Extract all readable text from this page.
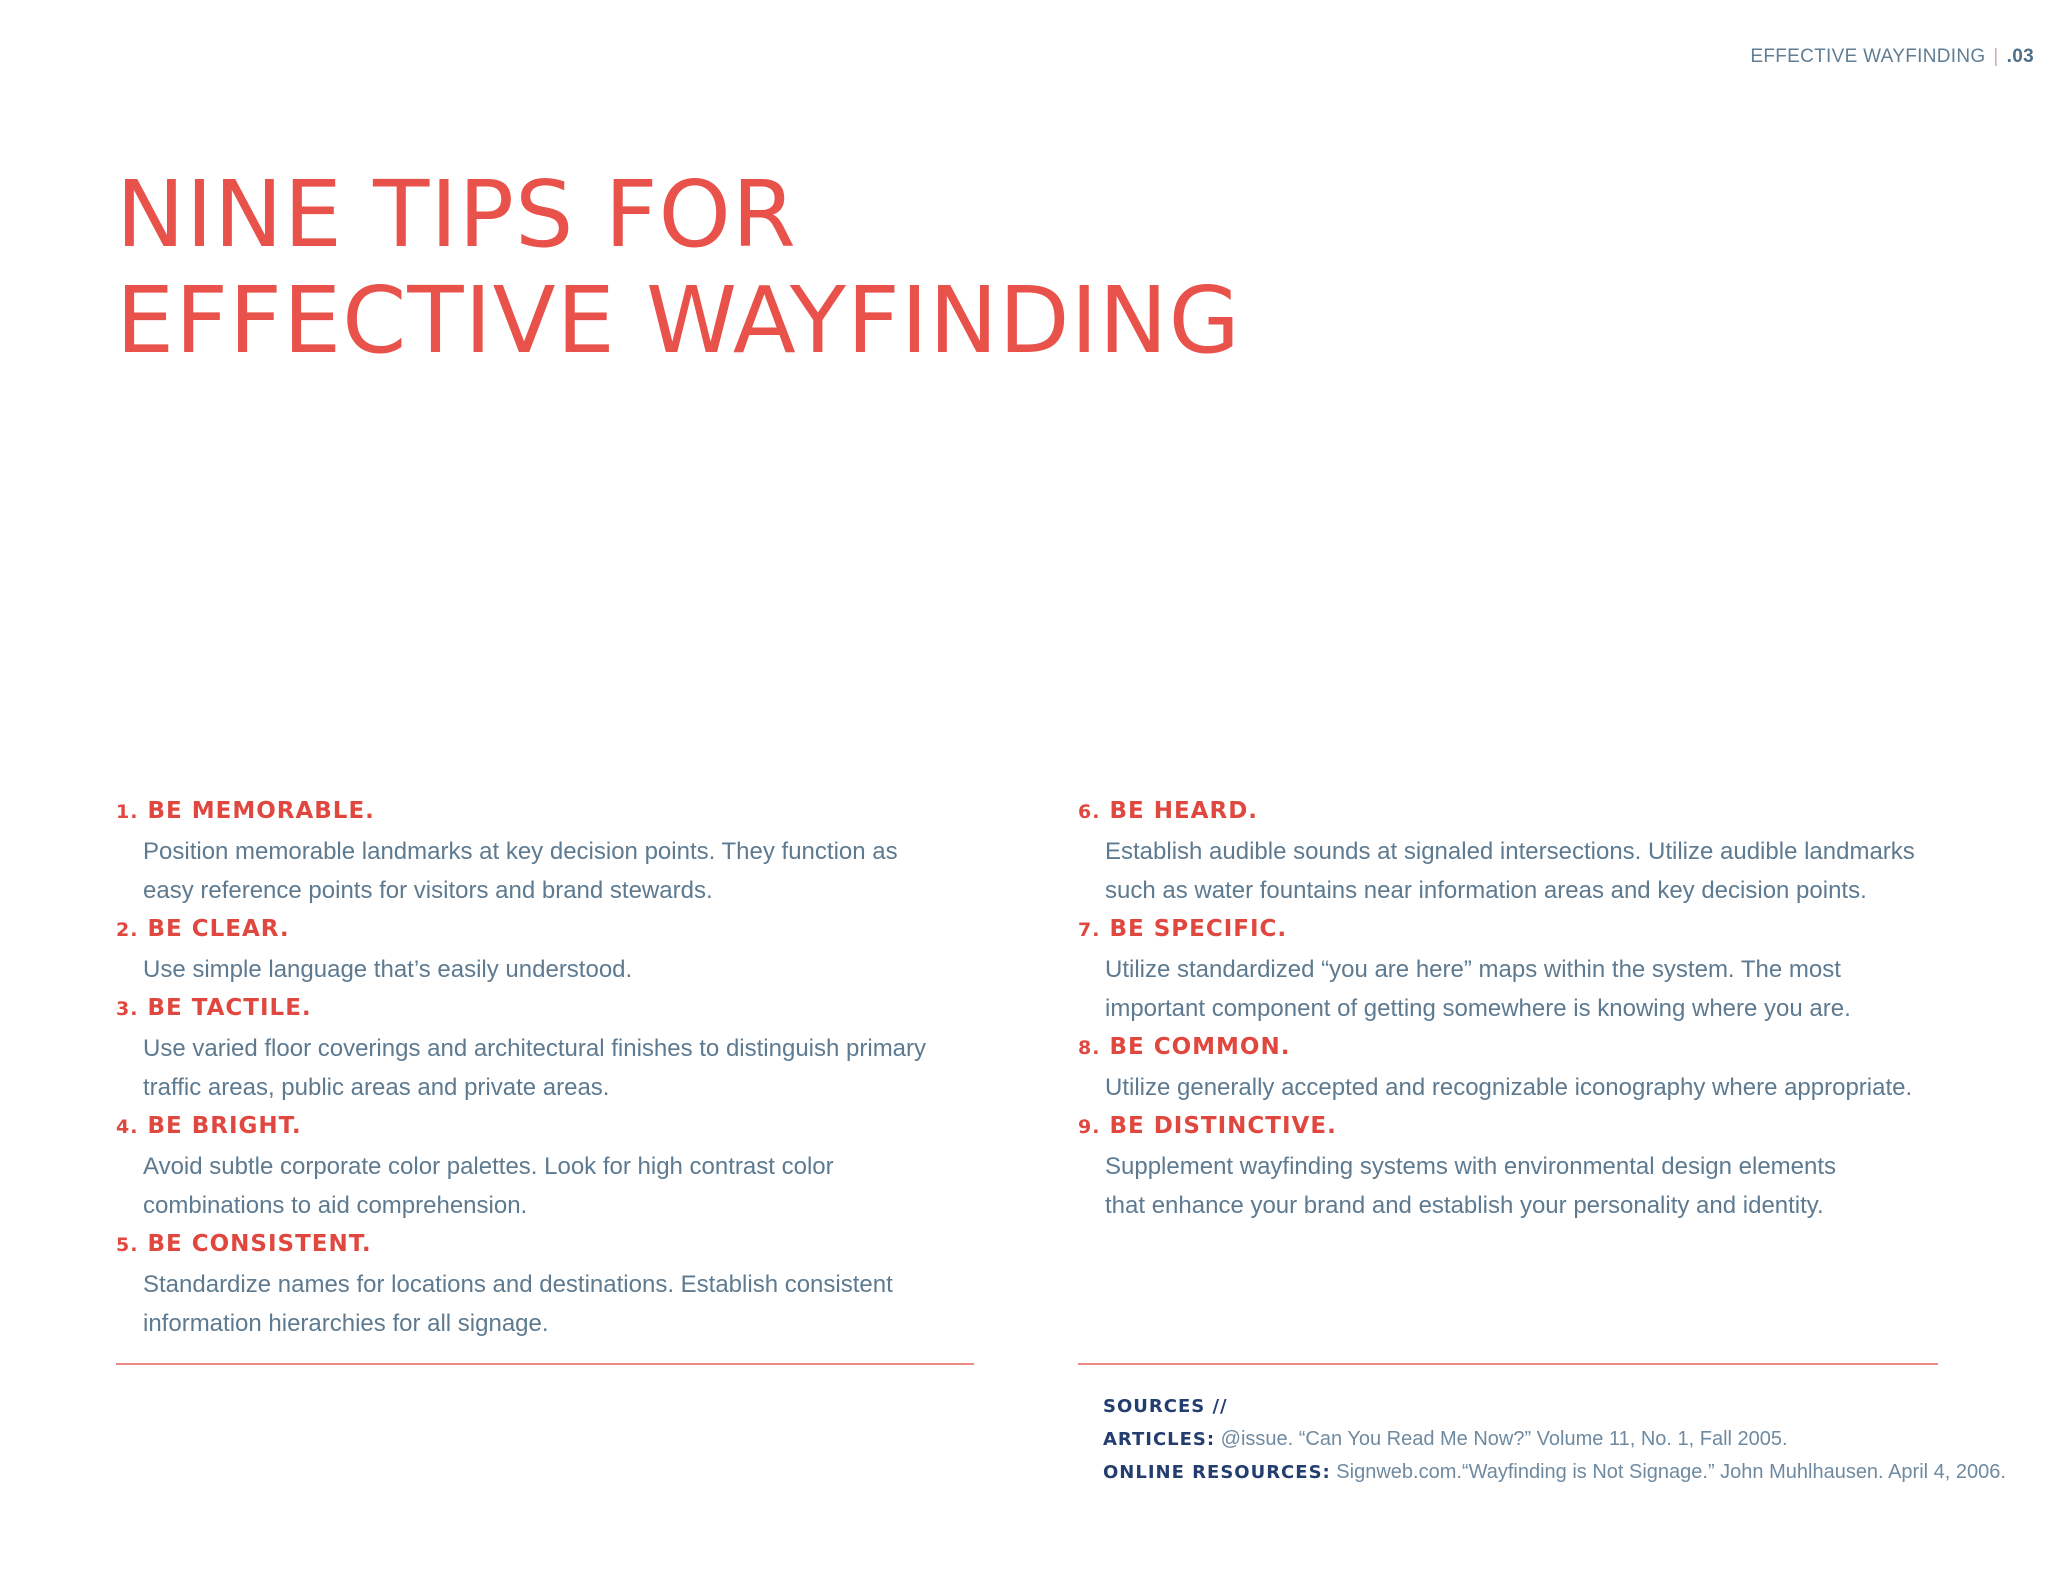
EFFECTIVE WAYFINDING | .03
NINE TIPS FOR
EFFECTIVE WAYFINDING
1. BE MEMORABLE.
Position memorable landmarks at key decision points. They function as
easy reference points for visitors and brand stewards.
2. BE CLEAR.
Use simple language that’s easily understood.
3. BE TACTILE.
Use varied floor coverings and architectural finishes to distinguish primary
traffic areas, public areas and private areas.
4. BE BRIGHT.
Avoid subtle corporate color palettes. Look for high contrast color
combinations to aid comprehension.
5. BE CONSISTENT.
Standardize names for locations and destinations. Establish consistent
information hierarchies for all signage.
6. BE HEARD.
Establish audible sounds at signaled intersections. Utilize audible landmarks
such as water fountains near information areas and key decision points.
7. BE SPECIFIC.
Utilize standardized “you are here” maps within the system. The most
important component of getting somewhere is knowing where you are.
8. BE COMMON.
Utilize generally accepted and recognizable iconography where appropriate.
9. BE DISTINCTIVE.
Supplement wayfinding systems with environmental design elements
that enhance your brand and establish your personality and identity.
SOURCES //
ARTICLES: @issue. “Can You Read Me Now?” Volume 11, No. 1, Fall 2005.
ONLINE RESOURCES: Signweb.com.“Wayfinding is Not Signage.” John Muhlhausen. April 4, 2006.
